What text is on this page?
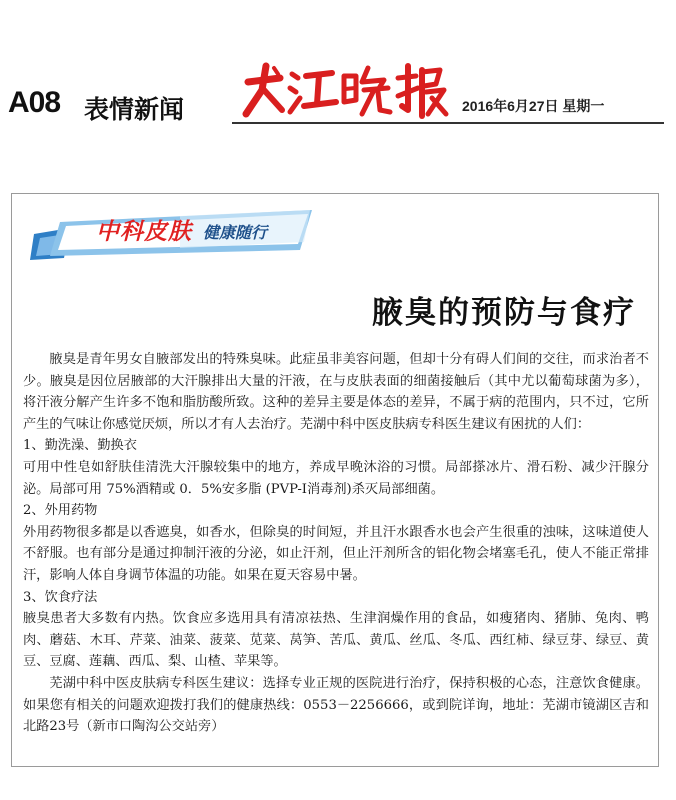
A08 表情新闻	2016年6月27日 星期一
中科皮肤 健康随行
腋臭的预防与食疗

腋臭是青年男女自腋部发出的特殊臭味。此症虽非美容问题，但却十分有碍人们间的交往，而求治者不少。腋臭是因位居腋部的大汗腺排出大量的汗液，在与皮肤表面的细菌接触后（其中尤以葡萄球菌为多），将汗液分解产生许多不饱和脂肪酸所致。这种的差异主要是体态的差异，不属于病的范围内，只不过，它所产生的气味让你感觉厌烦，所以才有人去治疗。芜湖中科中医皮肤病专科医生建议有困扰的人们：

1、勤洗澡、勤换衣

可用中性皂如舒肤佳清洗大汗腺较集中的地方，养成早晚沐浴的习惯。局部搽冰片、滑石粉、减少汗腺分泌。局部可用 75%酒精或 0．5%安多脂 (PVP-I消毒剂)杀灭局部细菌。

2、外用药物

外用药物很多都是以香遮臭，如香水，但除臭的时间短，并且汗水跟香水也会产生很重的浊味，这味道使人不舒服。也有部分是通过抑制汗液的分泌，如止汗剂，但止汗剂所含的铝化物会堵塞毛孔，使人不能正常排汗，影响人体自身调节体温的功能。如果在夏天容易中暑。

3、饮食疗法

腋臭患者大多数有内热。饮食应多选用具有清凉祛热、生津润燥作用的食品，如瘦猪肉、猪肺、兔肉、鸭肉、蘑菇、木耳、芹菜、油菜、菠菜、苋菜、莴笋、苦瓜、黄瓜、丝瓜、冬瓜、西红柿、绿豆芽、绿豆、黄豆、豆腐、莲藕、西瓜、梨、山楂、苹果等。

芜湖中科中医皮肤病专科医生建议：选择专业正规的医院进行治疗，保持积极的心态，注意饮食健康。如果您有相关的问题欢迎拨打我们的健康热线：0553－2256666，或到院详询，地址：芜湖市镜湖区吉和北路23号（新市口陶沟公交站旁）
